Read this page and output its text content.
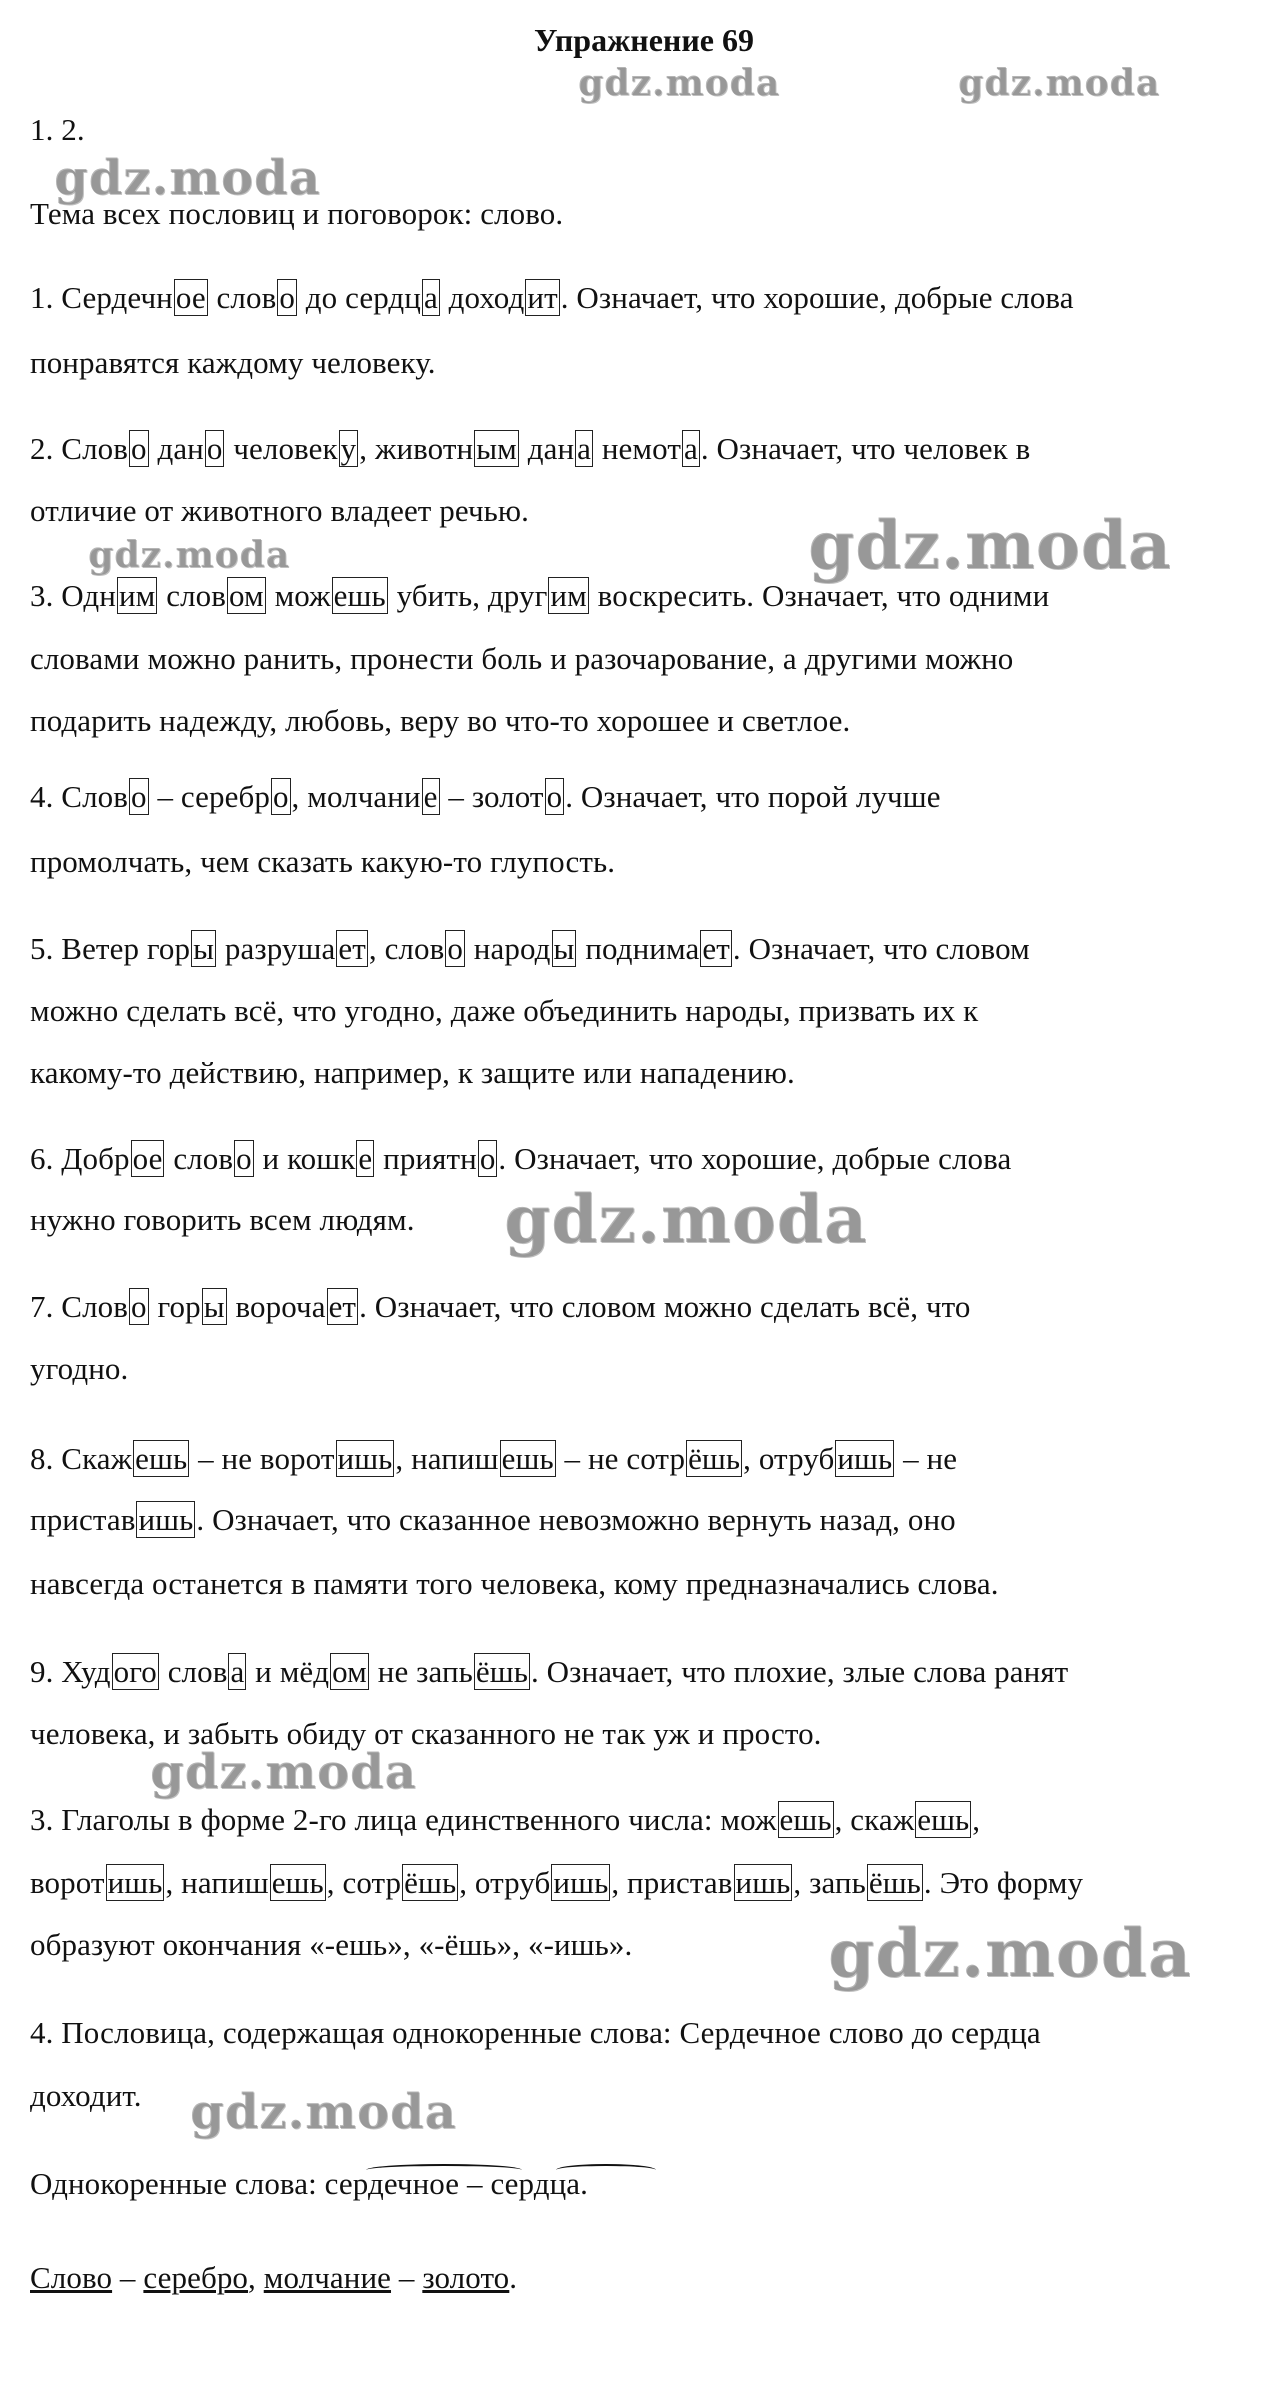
Упражнение 69
gdz.moda	gdz.moda
gdz.moda
gdz.moda	gdz.moda
gdz.moda
gdz.moda
gdz.moda
gdz.moda
1. 2.
Тема всех пословиц и поговорок: слово.
1. Сердечное слово до сердца доходит. Означает, что хорошие, добрые слова
понравятся каждому человеку.
2. Слово дано человеку, животным дана немота. Означает, что человек в
отличие от животного владеет речью.
3. Одним словом можешь убить, другим воскресить. Означает, что одними
словами можно ранить, пронести боль и разочарование, а другими можно
подарить надежду, любовь, веру во что-то хорошее и светлое.
4. Слово – серебро, молчание – золото. Означает, что порой лучше
промолчать, чем сказать какую-то глупость.
5. Ветер горы разрушает, слово народы поднимает. Означает, что словом
можно сделать всё, что угодно, даже объединить народы, призвать их к
какому-то действию, например, к защите или нападению.
6. Доброе слово и кошке приятно. Означает, что хорошие, добрые слова
нужно говорить всем людям.
7. Слово горы ворочает. Означает, что словом можно сделать всё, что
угодно.
8. Скажешь – не воротишь, напишешь – не сотрёшь, отрубишь – не
приставишь. Означает, что сказанное невозможно вернуть назад, оно
навсегда останется в памяти того человека, кому предназначались слова.
9. Худого слова и мёдом не запьёшь. Означает, что плохие, злые слова ранят
человека, и забыть обиду от сказанного не так уж и просто.
3. Глаголы в форме 2-го лица единственного числа: можешь, скажешь,
воротишь, напишешь, сотрёшь, отрубишь, приставишь, запьёшь. Это форму
образуют окончания «-ешь», «-ёшь», «-ишь».
4. Пословица, содержащая однокоренные слова: Сердечное слово до сердца
доходит.
Однокоренные слова: сердечное – сердца.
Слово – серебро, молчание – золото.
